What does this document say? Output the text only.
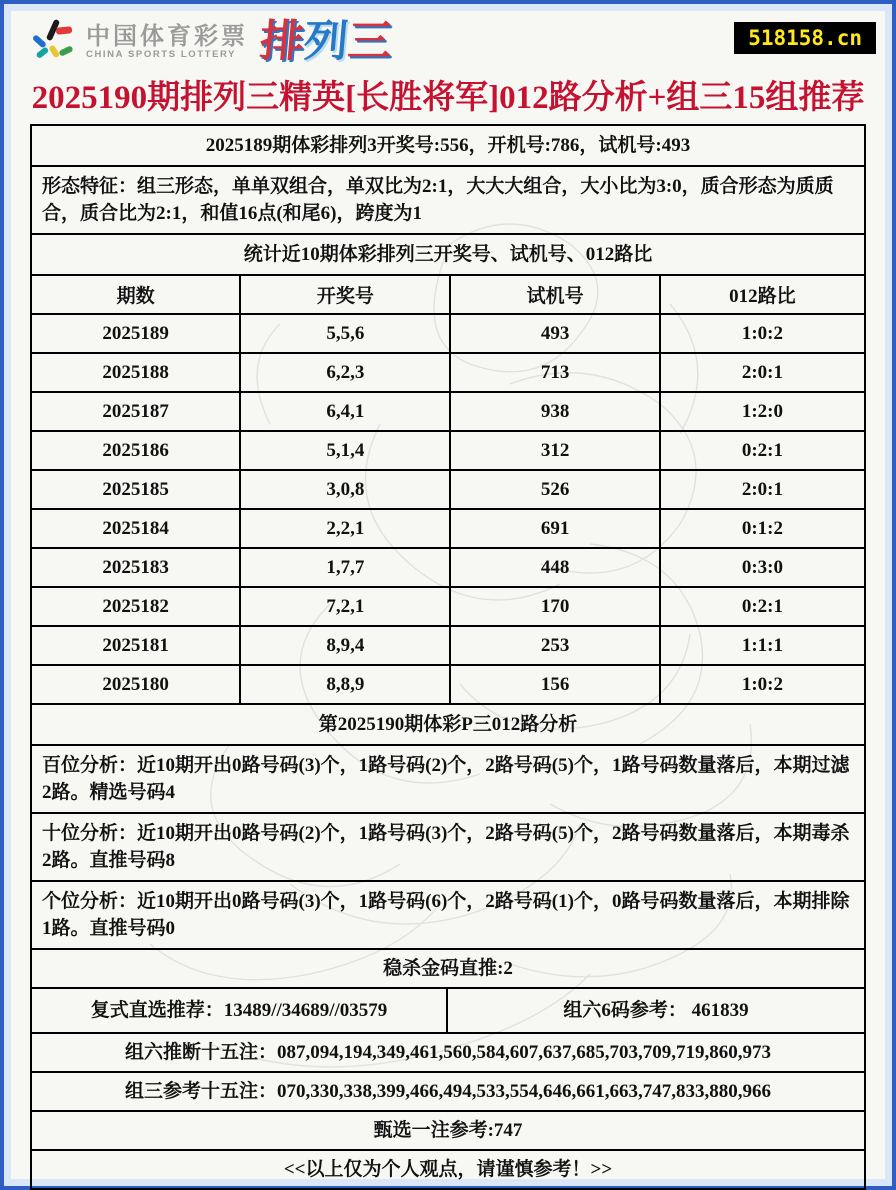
中国体育彩票
CHINA SPORTS LOTTERY 排列三	518158.cn
2025190期排列三精英[长胜将军]012路分析+组三15组推荐
2025189期体彩排列3开奖号:556，开机号:786，试机号:493
形态特征：组三形态，单单双组合，单双比为2:1，大大大组合，大小比为3:0，质合形态为质质合，质合比为2:1，和值16点(和尾6)，跨度为1
统计近10期体彩排列三开奖号、试机号、012路比
期数	开奖号	试机号	012路比
2025189	5,5,6	493	1:0:2
2025188	6,2,3	713	2:0:1
2025187	6,4,1	938	1:2:0
2025186	5,1,4	312	0:2:1
2025185	3,0,8	526	2:0:1
2025184	2,2,1	691	0:1:2
2025183	1,7,7	448	0:3:0
2025182	7,2,1	170	0:2:1
2025181	8,9,4	253	1:1:1
2025180	8,8,9	156	1:0:2
第2025190期体彩P三012路分析
百位分析：近10期开出0路号码(3)个，1路号码(2)个，2路号码(5)个，1路号码数量落后，本期过滤2路。精选号码4
十位分析：近10期开出0路号码(2)个，1路号码(3)个，2路号码(5)个，2路号码数量落后，本期毒杀2路。直推号码8
个位分析：近10期开出0路号码(3)个，1路号码(6)个，2路号码(1)个，0路号码数量落后，本期排除1路。直推号码0
稳杀金码直推:2
复式直选推荐：13489//34689//03579	组六6码参考： 461839
组六推断十五注：087,094,194,349,461,560,584,607,637,685,703,709,719,860,973
组三参考十五注：070,330,338,399,466,494,533,554,646,661,663,747,833,880,966
甄选一注参考:747
<<以上仅为个人观点，请谨慎参考！>>
